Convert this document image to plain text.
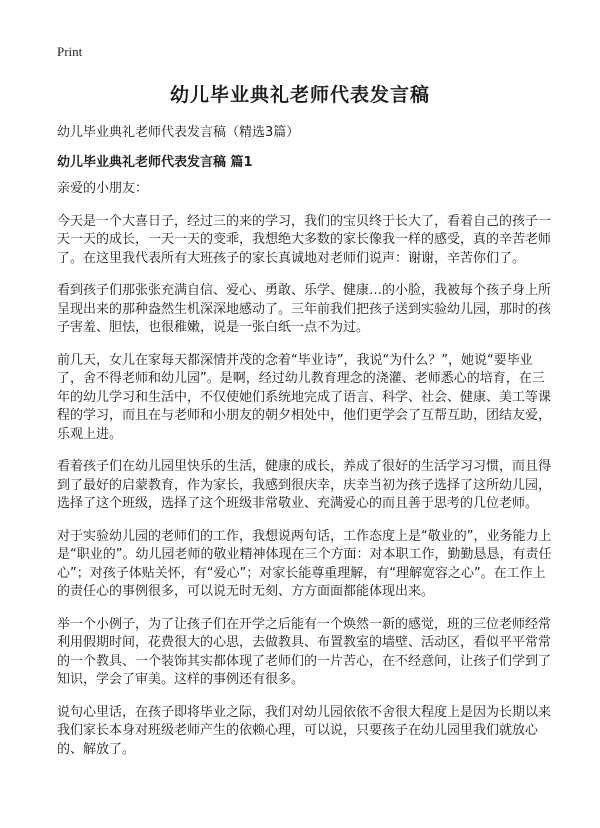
Print
幼儿毕业典礼老师代表发言稿

幼儿毕业典礼老师代表发言稿（精选3篇）

幼儿毕业典礼老师代表发言稿 篇1

亲爱的小朋友：

今天是一个大喜日子，经过三的来的学习，我们的宝贝终于长大了，看着自己的孩子一天一天的成长，一天一天的变乖，我想绝大多数的家长像我一样的感受，真的辛苦老师了。在这里我代表所有大班孩子的家长真诚地对老师们说声：谢谢，辛苦你们了。

看到孩子们那张张充满自信、爱心、勇敢、乐学、健康…的小脸，我被每个孩子身上所呈现出来的那种盎然生机深深地感动了。三年前我们把孩子送到实验幼儿园，那时的孩子害羞、胆怯，也很稚嫩，说是一张白纸一点不为过。

前几天，女儿在家每天都深情并茂的念着“毕业诗”，我说“为什么？”，她说“要毕业了，舍不得老师和幼儿园”。是啊，经过幼儿教育理念的浇灌、老师悉心的培育，在三年的幼儿学习和生活中，不仅使她们系统地完成了语言、科学、社会、健康、美工等课程的学习，而且在与老师和小朋友的朝夕相处中，他们更学会了互帮互助，团结友爱，乐观上进。

看着孩子们在幼儿园里快乐的生活，健康的成长，养成了很好的生活学习习惯，而且得到了最好的启蒙教育，作为家长，我感到很庆幸，庆幸当初为孩子选择了这所幼儿园，选择了这个班级，选择了这个班级非常敬业、充满爱心的而且善于思考的几位老师。

对于实验幼儿园的老师们的工作，我想说两句话，工作态度上是“敬业的”，业务能力上是“职业的”。幼儿园老师的敬业精神体现在三个方面：对本职工作，勤勤恳恳，有责任心”；对孩子体贴关怀，有“爱心”；对家长能尊重理解，有“理解宽容之心”。在工作上的责任心的事例很多，可以说无时无刻、方方面面都能体现出来。

举一个小例子，为了让孩子们在开学之后能有一个焕然一新的感觉，班的三位老师经常利用假期时间，花费很大的心思，去做教具、布置教室的墙壁、活动区，看似平平常常的一个教具、一个装饰其实都体现了老师们的一片苦心，在不经意间，让孩子们学到了知识，学会了审美。这样的事例还有很多。

说句心里话，在孩子即将毕业之际，我们对幼儿园依依不舍很大程度上是因为长期以来我们家长本身对班级老师产生的依赖心理，可以说，只要孩子在幼儿园里我们就放心的、解放了。
